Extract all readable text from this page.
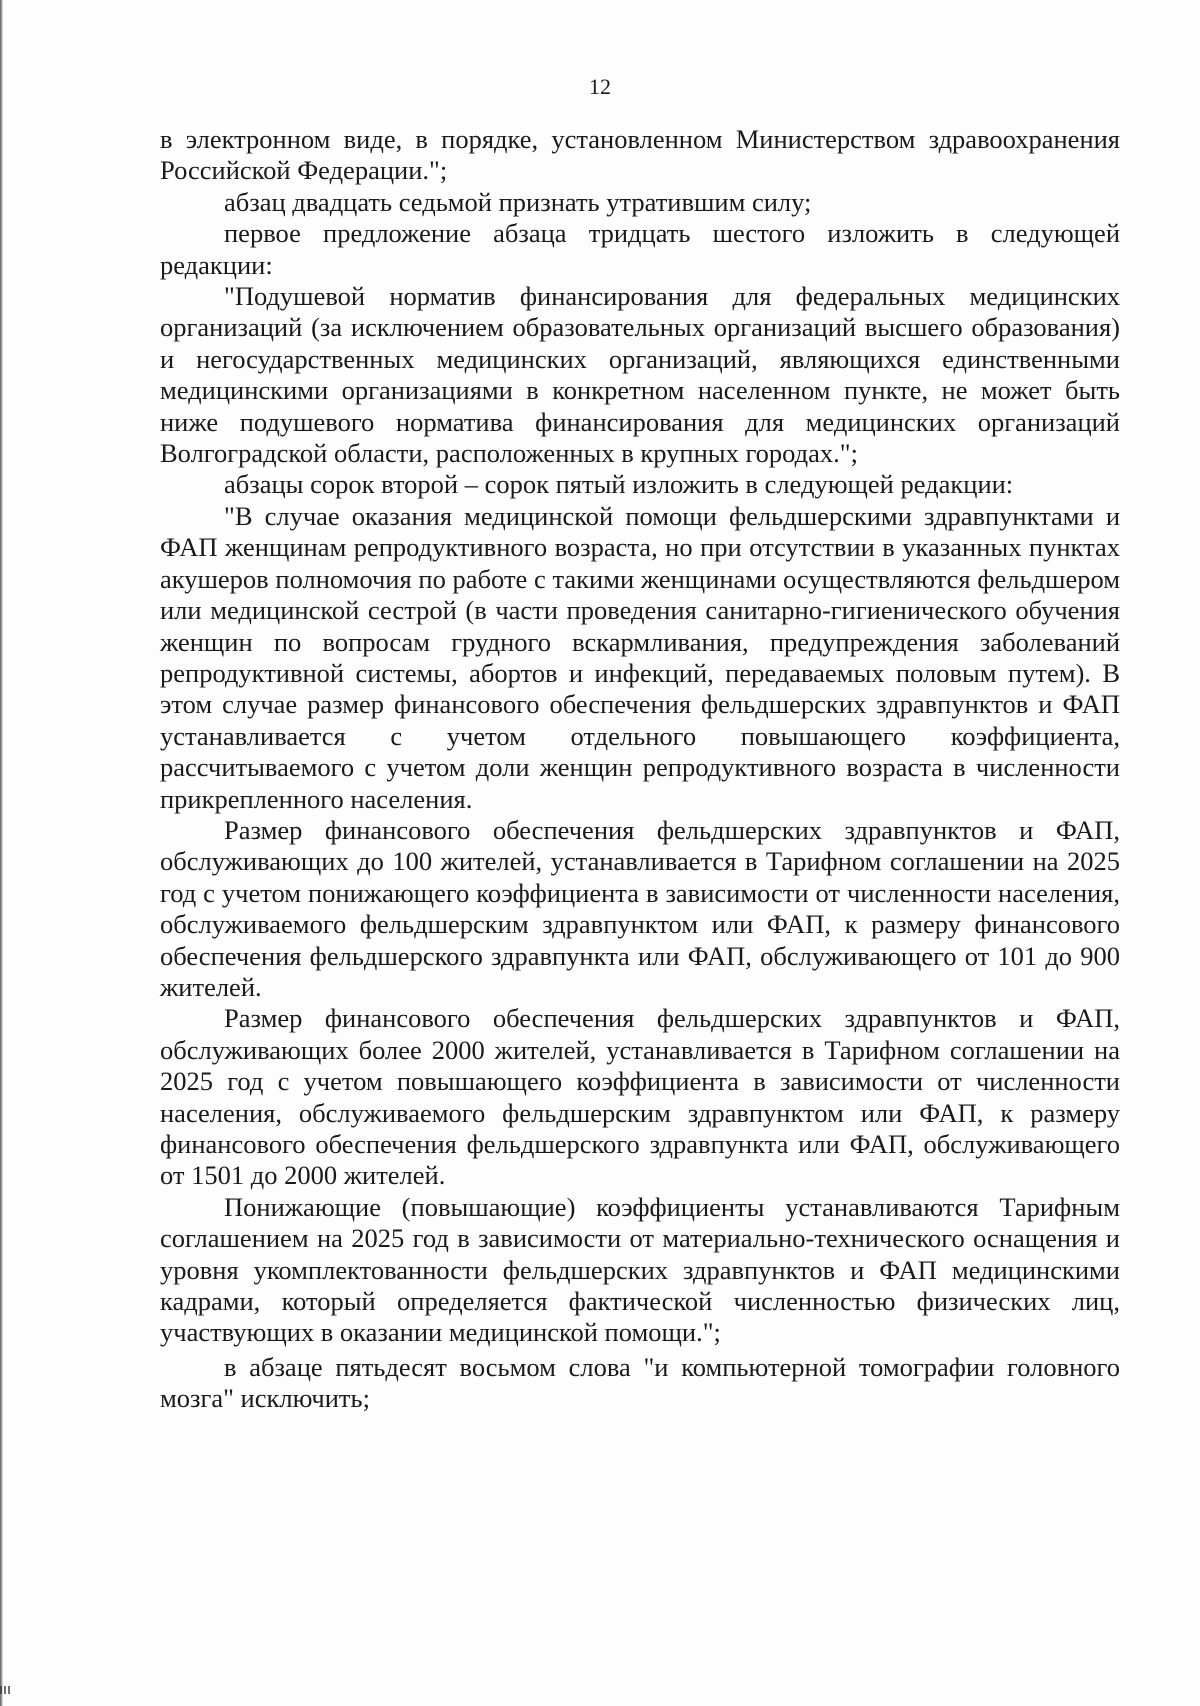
12

в электронном виде, в порядке, установленном Министерством здравоохранения Российской Федерации.";

абзац двадцать седьмой признать утратившим силу;

первое предложение абзаца тридцать шестого изложить в следующей редакции:

"Подушевой норматив финансирования для федеральных медицинских организаций (за исключением образовательных организаций высшего образования) и негосударственных медицинских организаций, являющихся единственными медицинскими организациями в конкретном населенном пункте, не может быть ниже подушевого норматива финансирования для медицинских организаций Волгоградской области, расположенных в крупных городах.";

абзацы сорок второй – сорок пятый изложить в следующей редакции:

"В случае оказания медицинской помощи фельдшерскими здравпунктами и ФАП женщинам репродуктивного возраста, но при отсутствии в указанных пунктах акушеров полномочия по работе с такими женщинами осуществляются фельдшером или медицинской сестрой (в части проведения санитарно-гигиенического обучения женщин по вопросам грудного вскармливания, предупреждения заболеваний репродуктивной системы, абортов и инфекций, передаваемых половым путем). В этом случае размер финансового обеспечения фельдшерских здравпунктов и ФАП устанавливается с учетом отдельного повышающего коэффициента, рассчитываемого с учетом доли женщин репродуктивного возраста в численности прикрепленного населения.

Размер финансового обеспечения фельдшерских здравпунктов и ФАП, обслуживающих до 100 жителей, устанавливается в Тарифном соглашении на 2025 год с учетом понижающего коэффициента в зависимости от численности населения, обслуживаемого фельдшерским здравпунктом или ФАП, к размеру финансового обеспечения фельдшерского здравпункта или ФАП, обслуживающего от 101 до 900 жителей.

Размер финансового обеспечения фельдшерских здравпунктов и ФАП, обслуживающих более 2000 жителей, устанавливается в Тарифном соглашении на 2025 год с учетом повышающего коэффициента в зависимости от численности населения, обслуживаемого фельдшерским здравпунктом или ФАП, к размеру финансового обеспечения фельдшерского здравпункта или ФАП, обслуживающего от 1501 до 2000 жителей.

Понижающие (повышающие) коэффициенты устанавливаются Тарифным соглашением на 2025 год в зависимости от материально-технического оснащения и уровня укомплектованности фельдшерских здравпунктов и ФАП медицинскими кадрами, который определяется фактической численностью физических лиц, участвующих в оказании медицинской помощи.";

в абзаце пятьдесят восьмом слова "и компьютерной томографии головного мозга" исключить;
